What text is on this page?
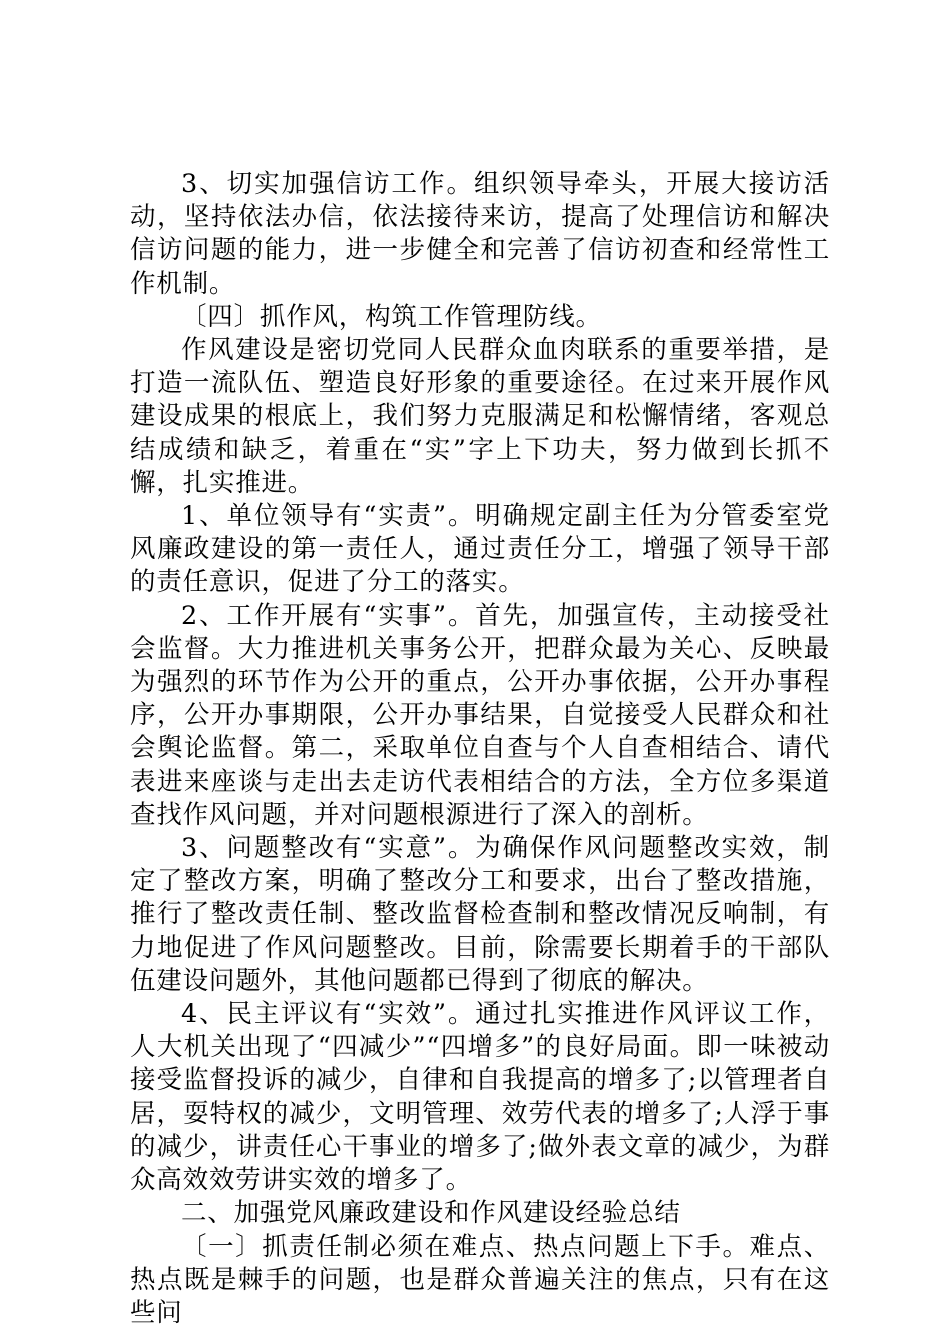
3、切实加强信访工作。组织领导牵头，开展大接访活动，坚持依法办信，依法接待来访，提高了处理信访和解决信访问题的能力，进一步健全和完善了信访初查和经常性工作机制。

〔四〕抓作风，构筑工作管理防线。

作风建设是密切党同人民群众血肉联系的重要举措，是打造一流队伍、塑造良好形象的重要途径。在过来开展作风建设成果的根底上，我们努力克服满足和松懈情绪，客观总结成绩和缺乏，着重在“实”字上下功夫，努力做到长抓不懈，扎实推进。

1、单位领导有“实责”。明确规定副主任为分管委室党风廉政建设的第一责任人，通过责任分工，增强了领导干部的责任意识，促进了分工的落实。

2、工作开展有“实事”。首先，加强宣传，主动接受社会监督。大力推进机关事务公开，把群众最为关心、反映最为强烈的环节作为公开的重点，公开办事依据，公开办事程序，公开办事期限，公开办事结果，自觉接受人民群众和社会舆论监督。第二，采取单位自查与个人自查相结合、请代表进来座谈与走出去走访代表相结合的方法，全方位多渠道查找作风问题，并对问题根源进行了深入的剖析。

3、问题整改有“实意”。为确保作风问题整改实效，制定了整改方案，明确了整改分工和要求，出台了整改措施，推行了整改责任制、整改监督检查制和整改情况反响制，有力地促进了作风问题整改。目前，除需要长期着手的干部队伍建设问题外，其他问题都已得到了彻底的解决。

4、民主评议有“实效”。通过扎实推进作风评议工作，人大机关出现了“四减少”“四增多”的良好局面。即一味被动接受监督投诉的减少，自律和自我提高的增多了;以管理者自居，耍特权的减少，文明管理、效劳代表的增多了;人浮于事的减少，讲责任心干事业的增多了;做外表文章的减少，为群众高效效劳讲实效的增多了。

二、加强党风廉政建设和作风建设经验总结

〔一〕抓责任制必须在难点、热点问题上下手。难点、热点既是棘手的问题，也是群众普遍关注的焦点，只有在这些问
